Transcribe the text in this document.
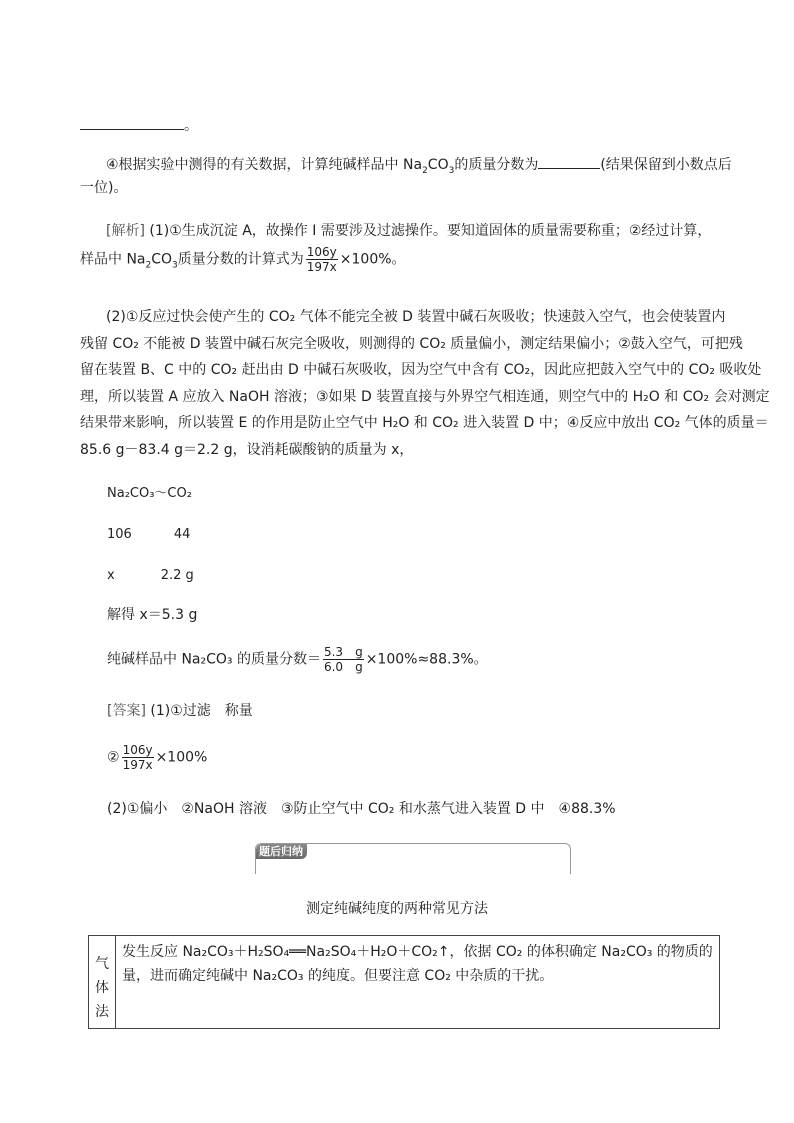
。
④根据实验中测得的有关数据，计算纯碱样品中 $Na_2CO_3$的质量分数为	(结果保留到小数点后
一位)。
[解析] (1)①生成沉淀 A，故操作 I 需要涉及过滤操作。要知道固体的质量需要称重；②经过计算，
样品中 $Na_2CO_3$质量分数的计算式为 $\frac{106y}{197x} \times 100\%$。
(2)①反应过快会使产生的 CO₂ 气体不能完全被 D 装置中碱石灰吸收；快速鼓入空气，也会使装置内
残留 CO₂ 不能被 D 装置中碱石灰完全吸收，则测得的 CO₂ 质量偏小，测定结果偏小；②鼓入空气，可把残
留在装置 B、C 中的 CO₂ 赶出由 D 中碱石灰吸收，因为空气中含有 CO₂，因此应把鼓入空气中的 CO₂ 吸收处
理，所以装置 A 应放入 NaOH 溶液；③如果 D 装置直接与外界空气相连通，则空气中的 H₂O 和 CO₂ 会对测定
结果带来影响，所以装置 E 的作用是防止空气中 H₂O 和 CO₂ 进入装置 D 中；④反应中放出 CO₂ 气体的质量＝
85.6 g－83.4 g＝2.2 g，设消耗碳酸钠的质量为 x，
Na₂CO₃～CO₂
106	44
x	2.2 g
解得 x＝5.3 g
纯碱样品中 Na₂CO₃ 的质量分数＝ $\frac{5.3 g}{6.0 g} \times 100\%\approx 88.3\%$。
[答案] (1)①过滤　称量
② $\frac{106y}{197x} \times 100\%$
(2)①偏小　②NaOH 溶液　③防止空气中 CO₂ 和水蒸气进入装置 D 中　④88.3%
题后归纳
测定纯碱纯度的两种常见方法
气体法

发生反应 Na₂CO₃＋H₂SO₄══Na₂SO₄＋H₂O＋CO₂↑，依据 CO₂ 的体积确定 Na₂CO₃ 的物质的
量，进而确定纯碱中 Na₂CO₃ 的纯度。但要注意 CO₂ 中杂质的干扰。
